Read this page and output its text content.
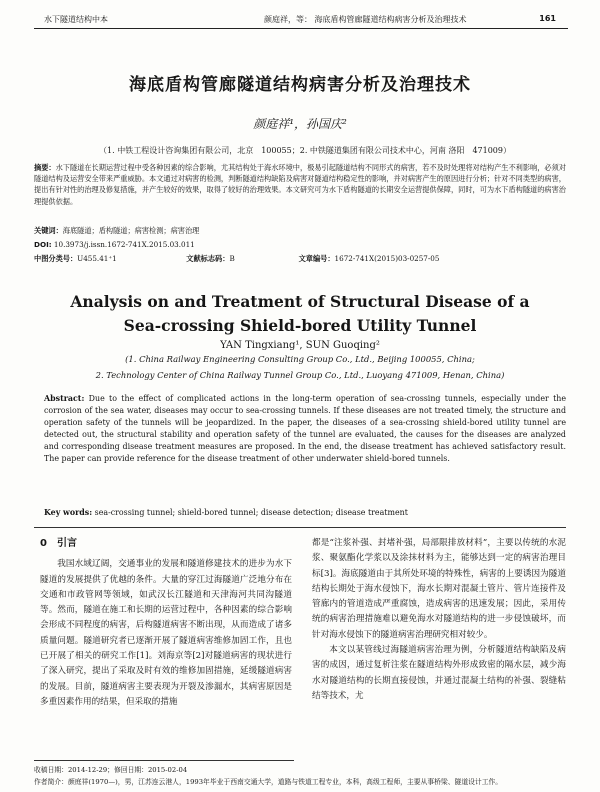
水下隧道结构中本	颜庭祥，等： 海底盾构管廊隧道结构病害分析及治理技术	161
海底盾构管廊隧道结构病害分析及治理技术
颜庭祥¹，孙国庆²
（1. 中铁工程设计咨询集团有限公司，北京　100055；2. 中铁隧道集团有限公司技术中心，河南 洛阳　471009）
摘要：水下隧道在长期运营过程中受各种因素的综合影响，尤其结构处于海水环境中，极易引起隧道结构不同形式的病害，若不及时处理将对结构产生不利影响，必须对隧道结构及运营安全带来严重威胁。本文通过对病害的检测，判断隧道结构缺陷及病害对隧道结构稳定性的影响，并对病害产生的原因进行分析；针对不同类型的病害，提出有针对性的治理及修复措施，并产生较好的效果，取得了较好的治理效果。本文研究可为水下盾构隧道的长期安全运营提供保障，同时，可为水下盾构隧道的病害治理提供依据。
关键词：海底隧道；盾构隧道；病害检测；病害治理
DOI: 10.3973/j.issn.1672-741X.2015.03.011
中图分类号：U455.41⁺1	文献标志码：B	文章编号：1672-741X(2015)03-0257-05
Analysis on and Treatment of Structural Disease of a Sea-crossing Shield-bored Utility Tunnel
YAN Tingxiang¹, SUN Guoqing²
(1. China Railway Engineering Consulting Group Co., Ltd., Beijing 100055, China;
2. Technology Center of China Railway Tunnel Group Co., Ltd., Luoyang 471009, Henan, China)
Abstract: Due to the effect of complicated actions in the long-term operation of sea-crossing tunnels, especially under the corrosion of the sea water, diseases may occur to sea-crossing tunnels. If these diseases are not treated timely, the structure and operation safety of the tunnels will be jeopardized. In the paper, the diseases of a sea-crossing shield-bored utility tunnel are detected out, the structural stability and operation safety of the tunnel are evaluated, the causes for the diseases are analyzed and corresponding disease treatment measures are proposed. In the end, the disease treatment has achieved satisfactory result. The paper can provide reference for the disease treatment of other underwater shield-bored tunnels.
Key words: sea-crossing tunnel; shield-bored tunnel; disease detection; disease treatment
0　引言
我国水域辽阔，交通事业的发展和隧道修建技术的进步为水下隧道的发展提供了优越的条件。大量的穿江过海隧道广泛地分布在交通和市政管网等领域，如武汉长江隧道和天津海河共同沟隧道等。然而，隧道在施工和长期的运营过程中，各种因素的综合影响会形成不同程度的病害，后构隧道病害不断出现，从而造成了诸多质量问题。隧道研究者已逐渐开展了隧道病害维修加固工作，且也已开展了相关的研究工作[1]。刘海京等[2]对隧道病害的现状进行了深入研究，提出了采取及时有效的维修加固措施，延缓隧道病害的发展。目前，隧道病害主要表现为开裂及渗漏水，其病害原因是多重因素作用的结果，但采取的措施
都是“注浆补强、封堵补强，局部限排放材料”，主要以传统的水泥浆、聚氨酯化学浆以及涂抹材料为主，能够达到一定的病害治理目标[3]。海底隧道由于其所处环境的特殊性，病害的上要诱因为隧道结构长期处于海水侵蚀下，海水长期对混凝土管片、管片连接件及管廊内的管道造成严重腐蚀，造成病害的迅速发展；因此，采用传统的病害治理措施难以避免海水对隧道结构的进一步侵蚀破坏，而针对海水侵蚀下的隧道病害治理研究相对较少。
本文以某管线过海隧道病害治理为例，分析隧道结构缺陷及病害的成因，通过复析注浆在隧道结构外形成致密的隔水层，减少海水对隧道结构的长期直接侵蚀，并通过混凝土结构的补强、裂缝粘结等技术，尤
收稿日期：2014-12-29；修回日期：2015-02-04
作者简介：颜庭祥(1970—)，男，江苏连云港人，1993年毕业于西南交通大学，道路与铁道工程专业，本科，高级工程师，主要从事桥梁、隧道设计工作。
